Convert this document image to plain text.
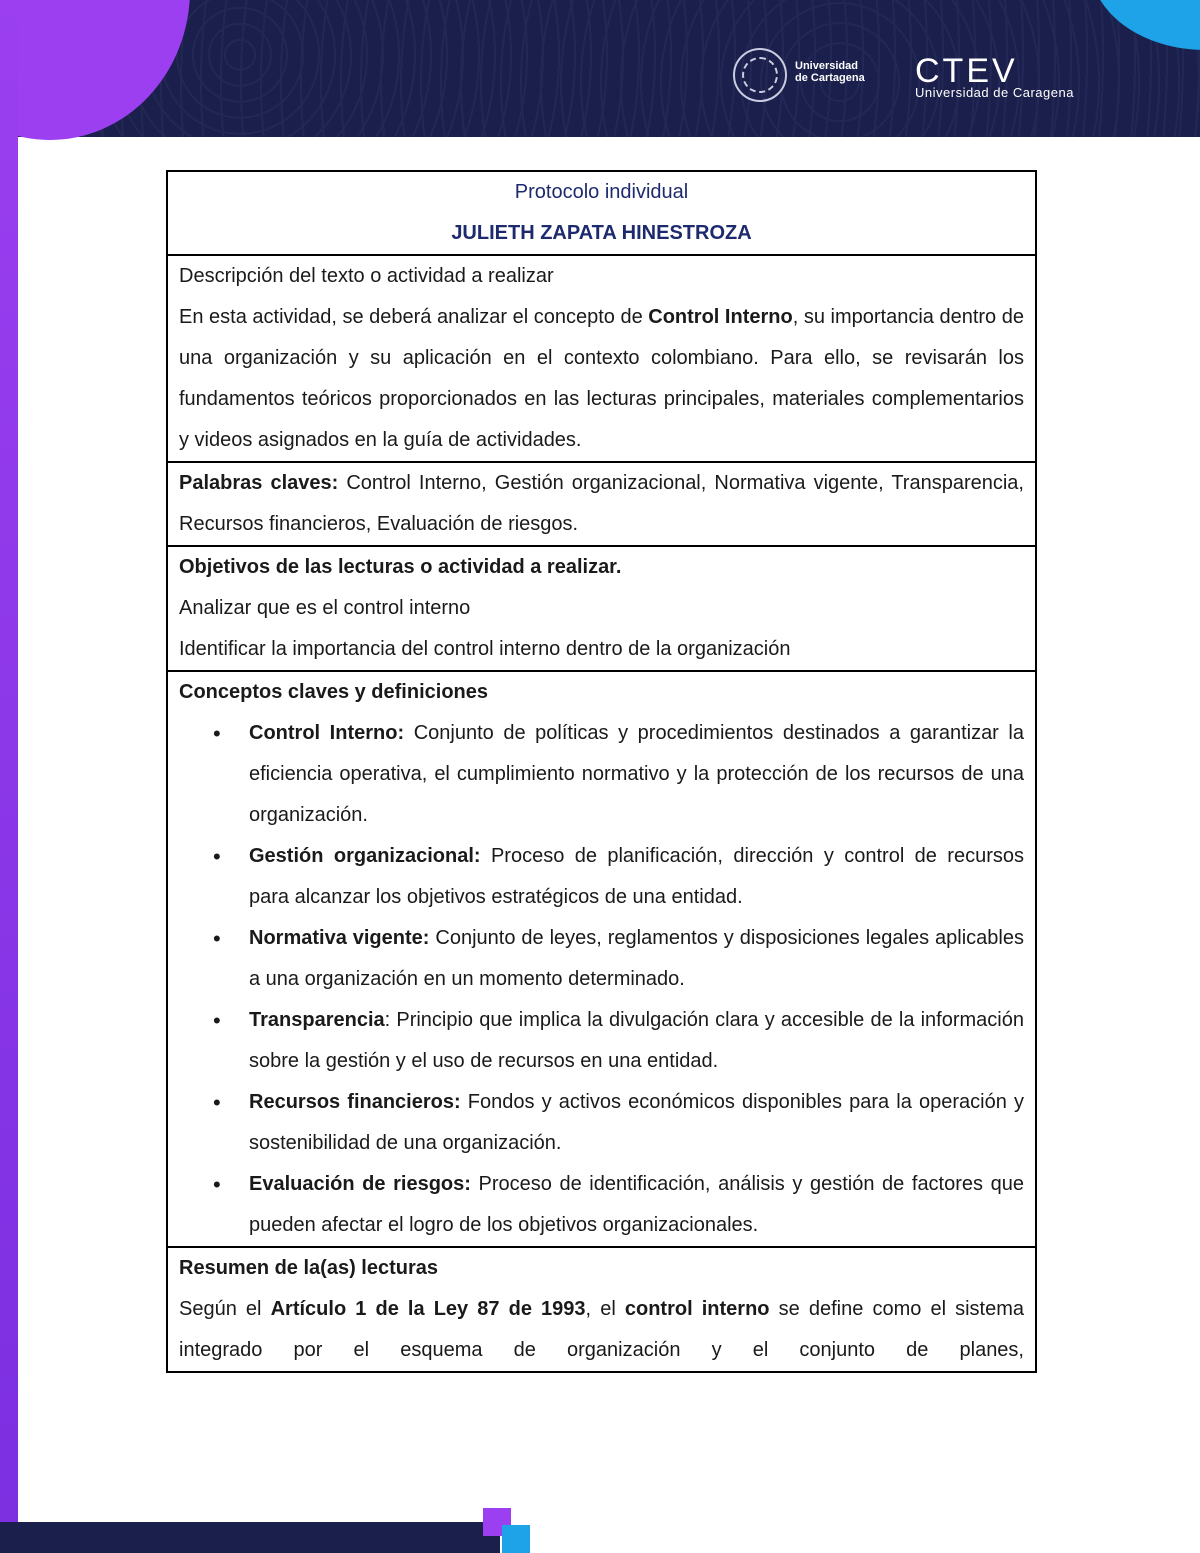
Universidad
de Cartagena
CTEV
Universidad de Caragena
Protocolo individual
JULIETH ZAPATA HINESTROZA

Descripción del texto o actividad a realizar
En esta actividad, se deberá analizar el concepto de Control Interno, su importancia dentro de una organización y su aplicación en el contexto colombiano. Para ello, se revisarán los fundamentos teóricos proporcionados en las lecturas principales, materiales complementarios y videos asignados en la guía de actividades.

Palabras claves: Control Interno, Gestión organizacional, Normativa vigente, Transparencia, Recursos financieros, Evaluación de riesgos.
Objetivos de las lecturas o actividad a realizar.
Analizar que es el control interno
Identificar la importancia del control interno dentro de la organización

Conceptos claves y definiciones
• Control Interno: Conjunto de políticas y procedimientos destinados a garantizar la eficiencia operativa, el cumplimiento normativo y la protección de los recursos de una organización.
• Gestión organizacional: Proceso de planificación, dirección y control de recursos para alcanzar los objetivos estratégicos de una entidad.
• Normativa vigente: Conjunto de leyes, reglamentos y disposiciones legales aplicables a una organización en un momento determinado.
• Transparencia: Principio que implica la divulgación clara y accesible de la información sobre la gestión y el uso de recursos en una entidad.
• Recursos financieros: Fondos y activos económicos disponibles para la operación y sostenibilidad de una organización.
• Evaluación de riesgos: Proceso de identificación, análisis y gestión de factores que pueden afectar el logro de los objetivos organizacionales.

Resumen de la(as) lecturas
Según el Artículo 1 de la Ley 87 de 1993, el control interno se define como el sistema integrado por el esquema de organización y el conjunto de planes,
